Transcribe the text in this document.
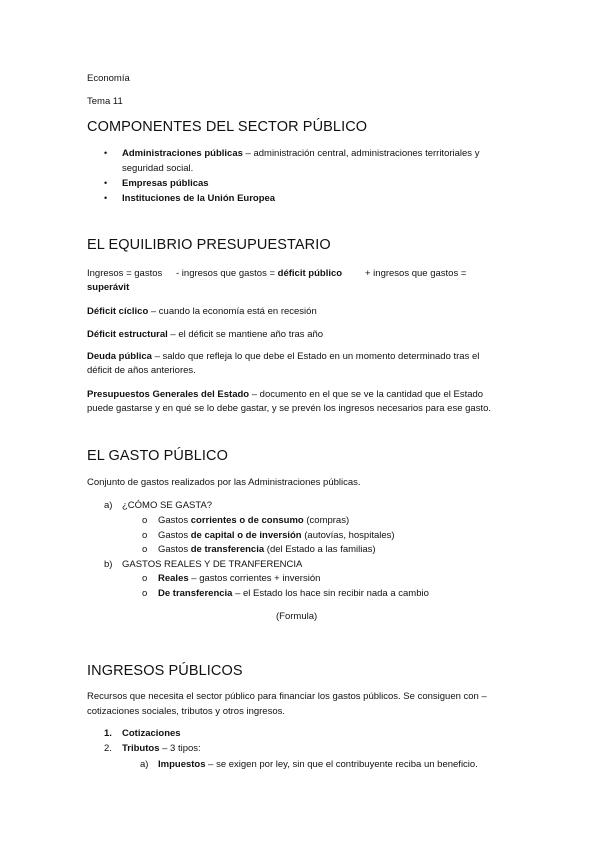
Economía
Tema 11
COMPONENTES DEL SECTOR PÚBLICO
• Administraciones públicas – administración central, administraciones territoriales y
seguridad social.
• Empresas públicas
• Instituciones de la Unión Europea
EL EQUILIBRIO PRESUPUESTARIO
Ingresos = gastos - ingresos que gastos = déficit público + ingresos que gastos =
superávit
Déficit cíclico – cuando la economía está en recesión
Déficit estructural – el déficit se mantiene año tras año
Deuda pública – saldo que refleja lo que debe el Estado en un momento determinado tras el
déficit de años anteriores.
Presupuestos Generales del Estado – documento en el que se ve la cantidad que el Estado
puede gastarse y en qué se lo debe gastar, y se prevén los ingresos necesarios para ese gasto.
EL GASTO PÚBLICO
Conjunto de gastos realizados por las Administraciones públicas.
a) ¿CÓMO SE GASTA?
o Gastos corrientes o de consumo (compras)
o Gastos de capital o de inversión (autovías, hospitales)
o Gastos de transferencia (del Estado a las familias)
b) GASTOS REALES Y DE TRANFERENCIA
o Reales – gastos corrientes + inversión
o De transferencia – el Estado los hace sin recibir nada a cambio
(Formula)
INGRESOS PÚBLICOS
Recursos que necesita el sector público para financiar los gastos públicos. Se consiguen con –
cotizaciones sociales, tributos y otros ingresos.
1. Cotizaciones
2. Tributos – 3 tipos:
a) Impuestos – se exigen por ley, sin que el contribuyente reciba un beneficio.
